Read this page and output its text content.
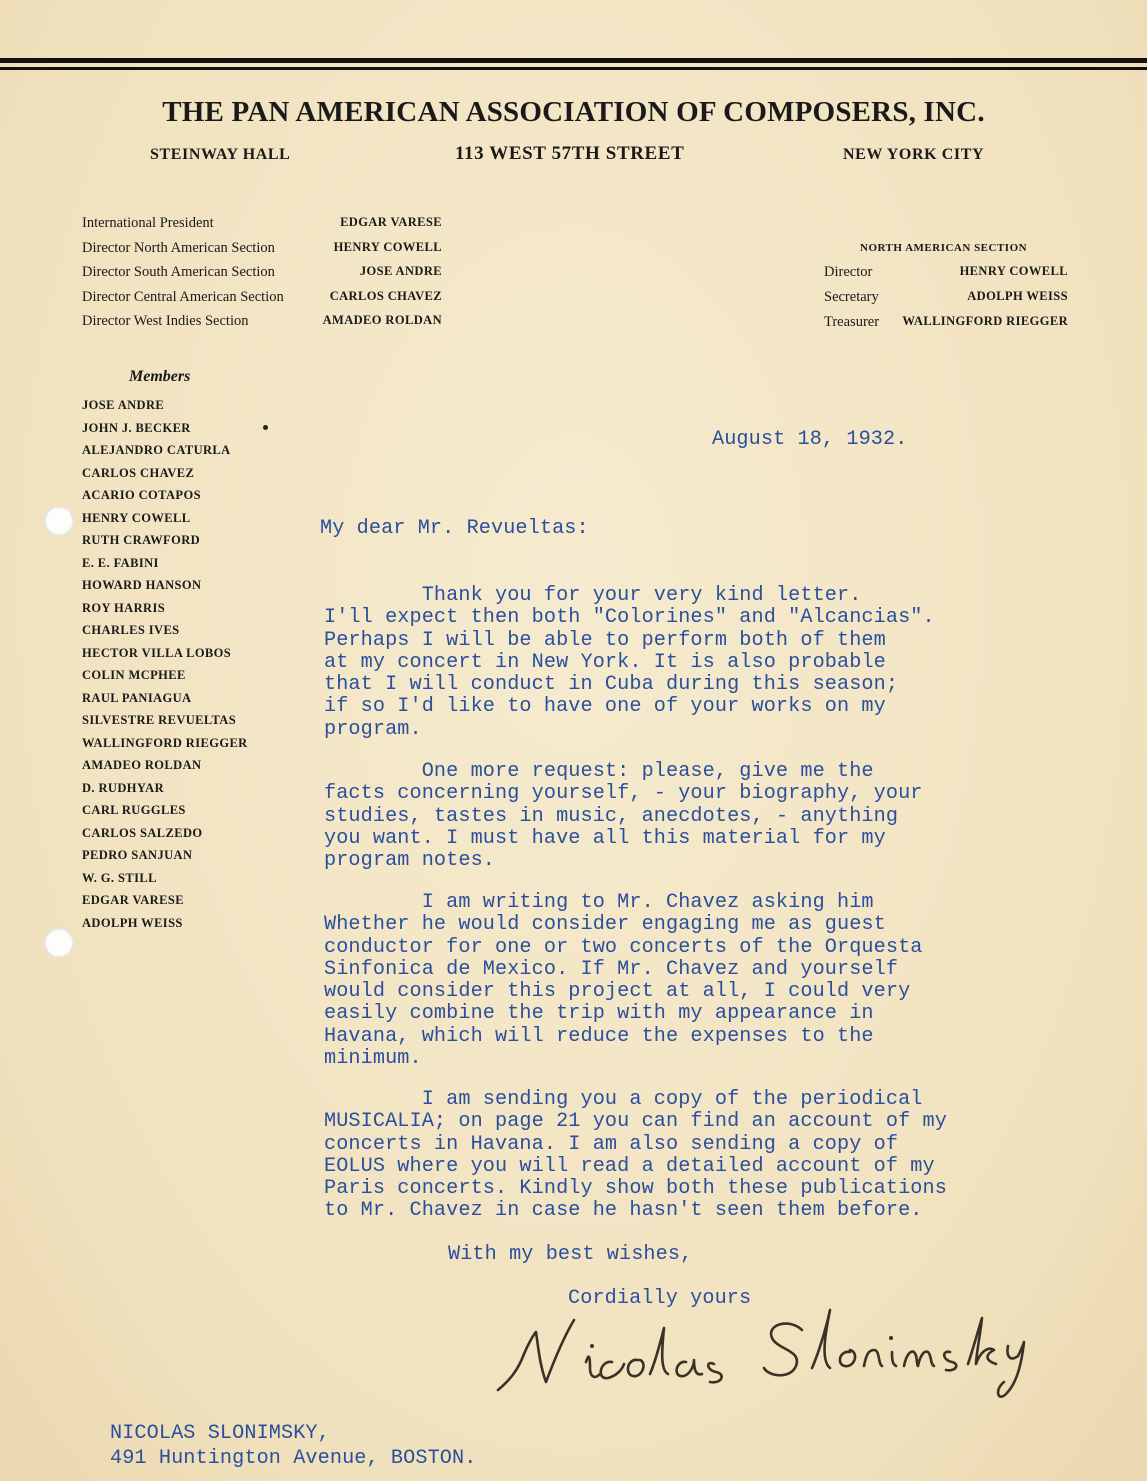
THE PAN AMERICAN ASSOCIATION OF COMPOSERS, INC.
STEINWAY HALL	113 WEST 57TH STREET	NEW YORK CITY
International President	EDGAR VARESE
Director North American Section	HENRY COWELL
Director South American Section	JOSE ANDRE
Director Central American Section	CARLOS CHAVEZ
Director West Indies Section	AMADEO ROLDAN
NORTH AMERICAN SECTION
Director	HENRY COWELL
Secretary	ADOLPH WEISS
Treasurer WALLINGFORD RIEGGER
Members
JOSE ANDRE
JOHN J. BECKER
ALEJANDRO CATURLA
CARLOS CHAVEZ
ACARIO COTAPOS
HENRY COWELL
RUTH CRAWFORD
E. E. FABINI
HOWARD HANSON
ROY HARRIS
CHARLES IVES
HECTOR VILLA LOBOS
COLIN MCPHEE
RAUL PANIAGUA
SILVESTRE REVUELTAS
WALLINGFORD RIEGGER
AMADEO ROLDAN
D. RUDHYAR
CARL RUGGLES
CARLOS SALZEDO
PEDRO SANJUAN
W. G. STILL
EDGAR VARESE
ADOLPH WEISS
August 18, 1932.
My dear Mr. Revueltas:
Thank you for your very kind letter.
I'll expect then both "Colorines" and "Alcancias".
Perhaps I will be able to perform both of them
at my concert in New York. It is also probable
that I will conduct in Cuba during this season;
if so I'd like to have one of your works on my
program.
One more request: please, give me the
facts concerning yourself, - your biography, your
studies, tastes in music, anecdotes, - anything
you want. I must have all this material for my
program notes.
I am writing to Mr. Chavez asking him
Whether he would consider engaging me as guest
conductor for one or two concerts of the Orquesta
Sinfonica de Mexico. If Mr. Chavez and yourself
would consider this project at all, I could very
easily combine the trip with my appearance in
Havana, which will reduce the expenses to the
minimum.
I am sending you a copy of the periodical
MUSICALIA; on page 21 you can find an account of my
concerts in Havana. I am also sending a copy of
EOLUS where you will read a detailed account of my
Paris concerts. Kindly show both these publications
to Mr. Chavez in case he hasn't seen them before.
With my best wishes,
Cordially yours
NICOLAS SLONIMSKY,
491 Huntington Avenue, BOSTON.
